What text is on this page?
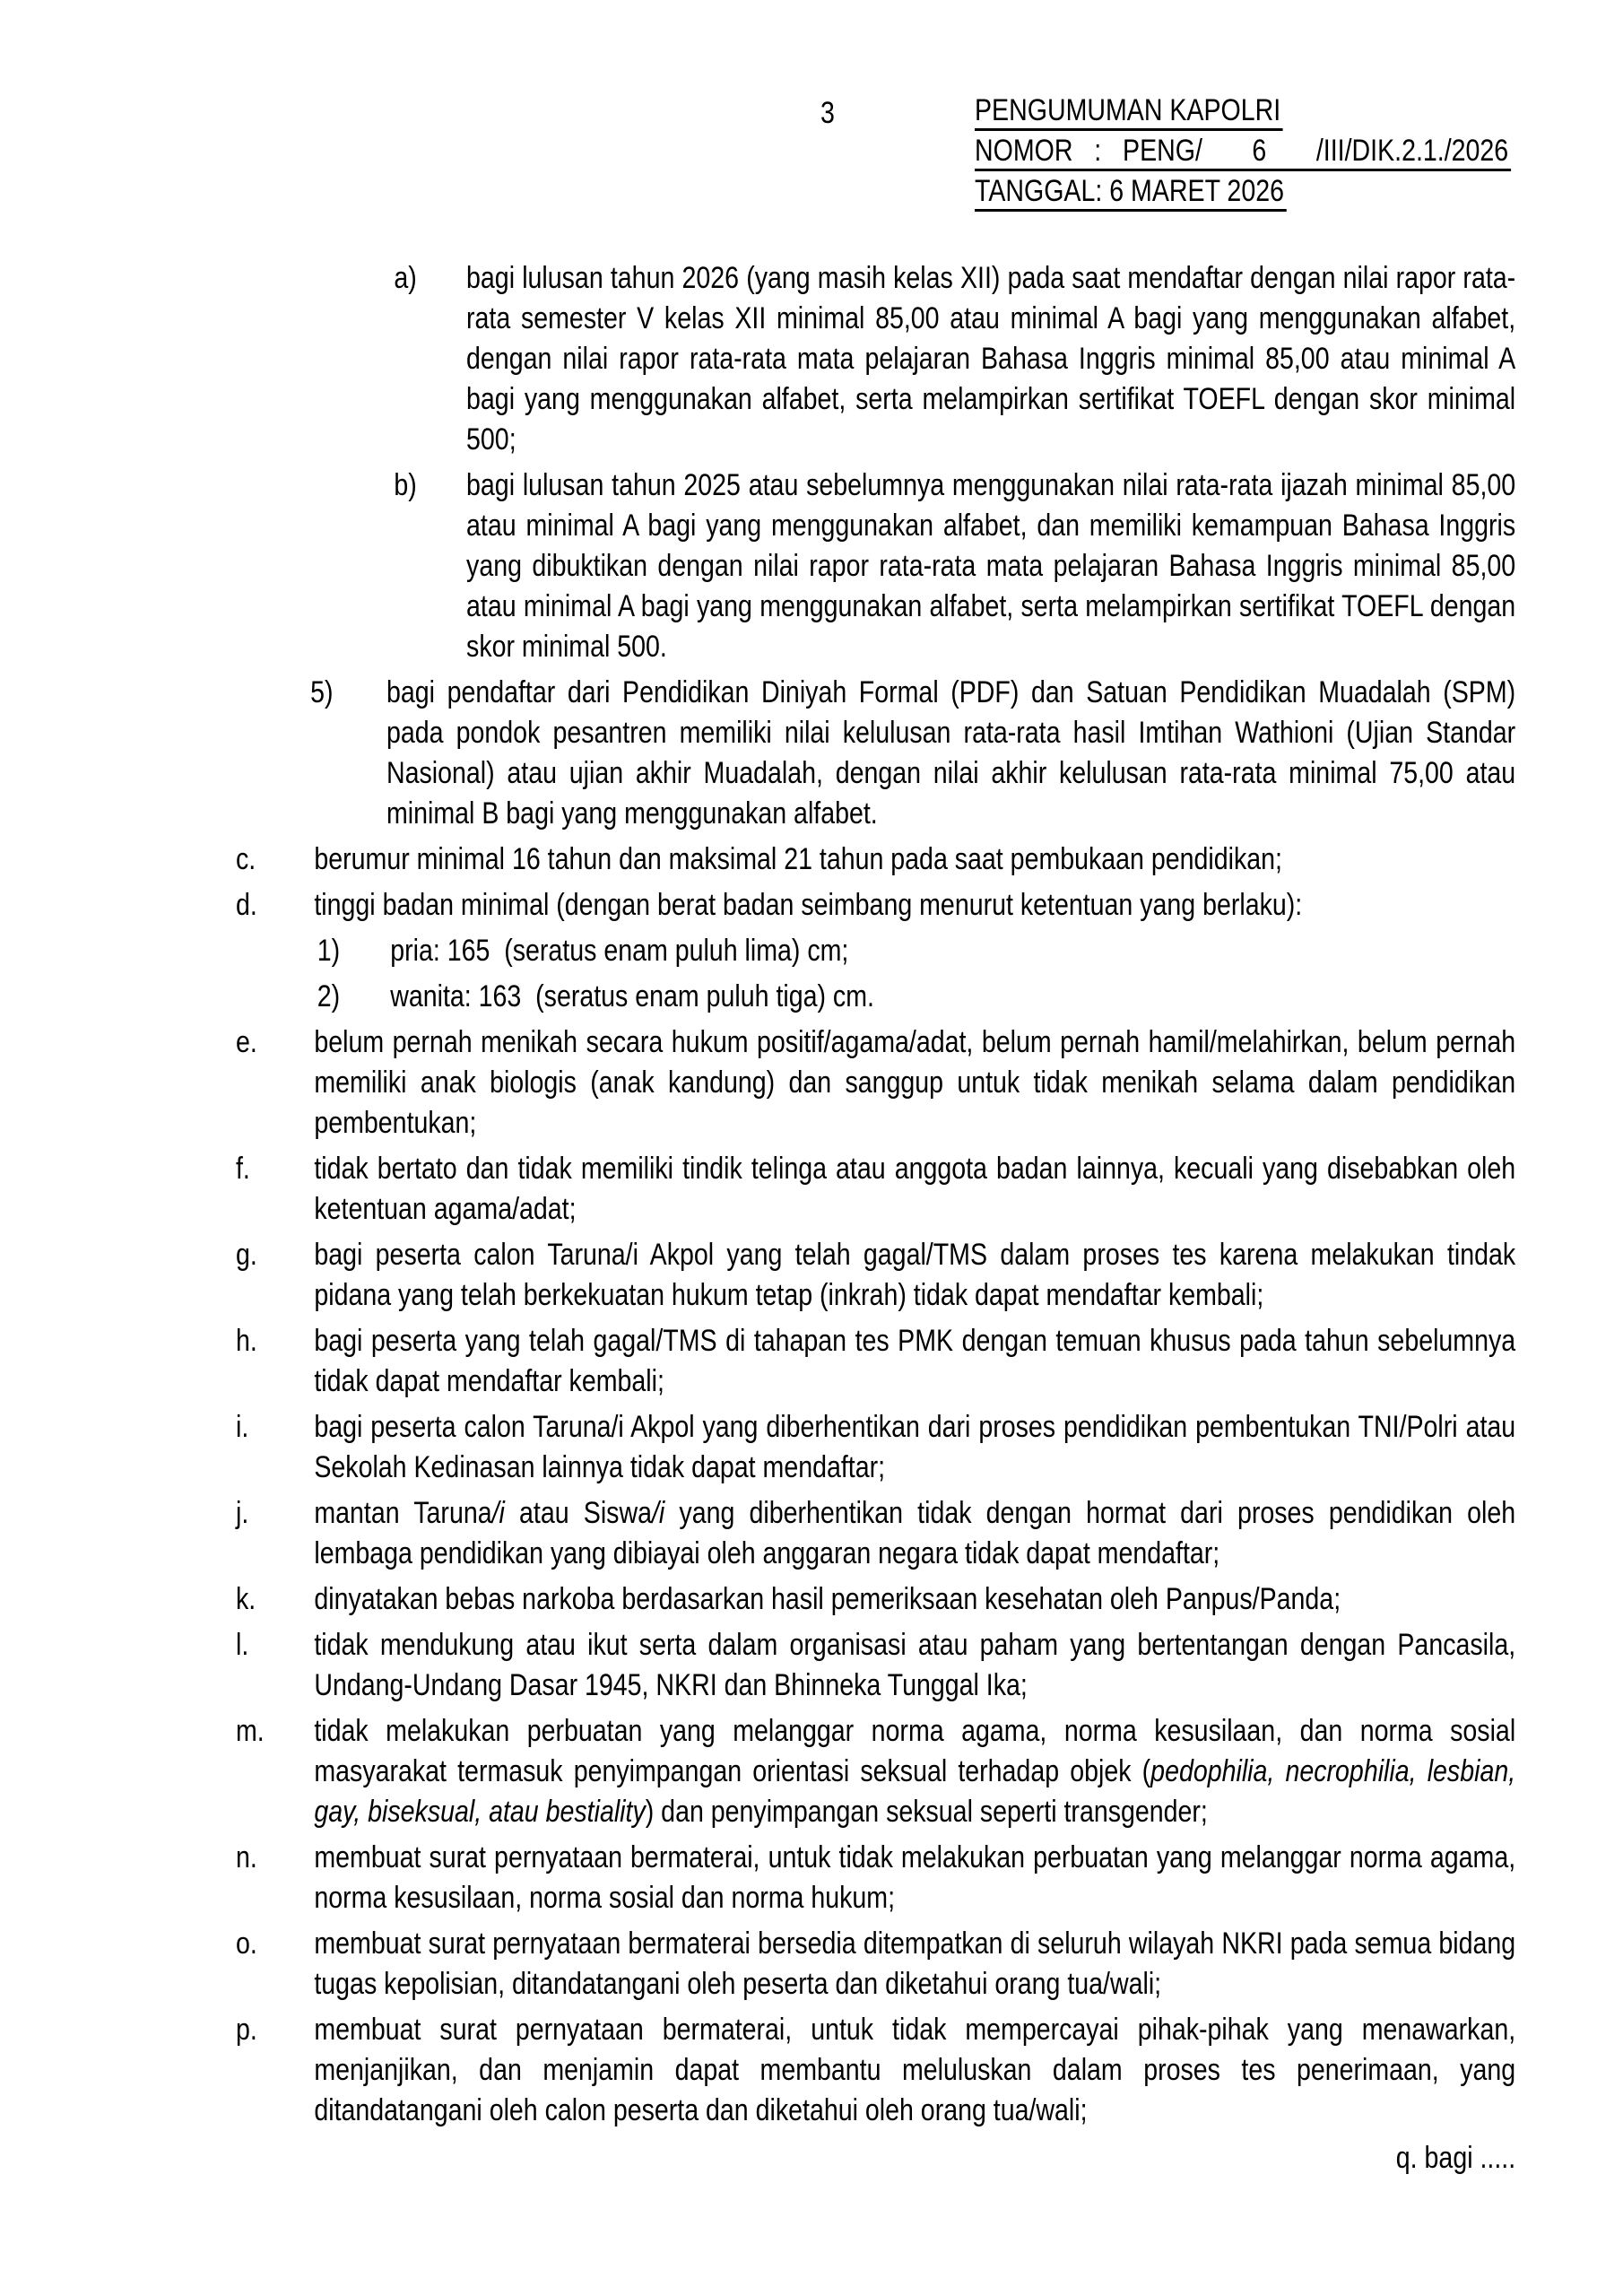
3	PENGUMUMAN KAPOLRI
NOMOR   :   PENG/       6       /III/DIK.2.1./2026
TANGGAL: 6 MARET 2026
a) bagi lulusan tahun 2026 (yang masih kelas XII) pada saat mendaftar dengan nilai rapor rata-rata semester V kelas XII minimal 85,00 atau minimal A bagi yang menggunakan alfabet, dengan nilai rapor rata-rata mata pelajaran Bahasa Inggris minimal 85,00 atau minimal A bagi yang menggunakan alfabet, serta melampirkan sertifikat TOEFL dengan skor minimal 500;
b) bagi lulusan tahun 2025 atau sebelumnya menggunakan nilai rata-rata ijazah minimal 85,00 atau minimal A bagi yang menggunakan alfabet, dan memiliki kemampuan Bahasa Inggris yang dibuktikan dengan nilai rapor rata-rata mata pelajaran Bahasa Inggris minimal 85,00 atau minimal A bagi yang menggunakan alfabet, serta melampirkan sertifikat TOEFL dengan skor minimal 500.
5) bagi pendaftar dari Pendidikan Diniyah Formal (PDF) dan Satuan Pendidikan Muadalah (SPM) pada pondok pesantren memiliki nilai kelulusan rata-rata hasil Imtihan Wathioni (Ujian Standar Nasional) atau ujian akhir Muadalah, dengan nilai akhir kelulusan rata-rata minimal 75,00 atau minimal B bagi yang menggunakan alfabet.
c. berumur minimal 16 tahun dan maksimal 21 tahun pada saat pembukaan pendidikan;
d. tinggi badan minimal (dengan berat badan seimbang menurut ketentuan yang berlaku):
1) pria: 165  (seratus enam puluh lima) cm;
2) wanita: 163  (seratus enam puluh tiga) cm.
e. belum pernah menikah secara hukum positif/agama/adat, belum pernah hamil/melahirkan, belum pernah memiliki anak biologis (anak kandung) dan sanggup untuk tidak menikah selama dalam pendidikan pembentukan;
f. tidak bertato dan tidak memiliki tindik telinga atau anggota badan lainnya, kecuali yang disebabkan oleh ketentuan agama/adat;
g. bagi peserta calon Taruna/i Akpol yang telah gagal/TMS dalam proses tes karena melakukan tindak pidana yang telah berkekuatan hukum tetap (inkrah) tidak dapat mendaftar kembali;
h. bagi peserta yang telah gagal/TMS di tahapan tes PMK dengan temuan khusus pada tahun sebelumnya tidak dapat mendaftar kembali;
i. bagi peserta calon Taruna/i Akpol yang diberhentikan dari proses pendidikan pembentukan TNI/Polri atau Sekolah Kedinasan lainnya tidak dapat mendaftar;
j. mantan Taruna/i atau Siswa/i yang diberhentikan tidak dengan hormat dari proses pendidikan oleh lembaga pendidikan yang dibiayai oleh anggaran negara tidak dapat mendaftar;
k. dinyatakan bebas narkoba berdasarkan hasil pemeriksaan kesehatan oleh Panpus/Panda;
l. tidak mendukung atau ikut serta dalam organisasi atau paham yang bertentangan dengan Pancasila, Undang-Undang Dasar 1945, NKRI dan Bhinneka Tunggal Ika;
m. tidak melakukan perbuatan yang melanggar norma agama, norma kesusilaan, dan norma sosial masyarakat termasuk penyimpangan orientasi seksual terhadap objek (pedophilia, necrophilia, lesbian, gay, biseksual, atau bestiality) dan penyimpangan seksual seperti transgender;
n. membuat surat pernyataan bermaterai, untuk tidak melakukan perbuatan yang melanggar norma agama, norma kesusilaan, norma sosial dan norma hukum;
o. membuat surat pernyataan bermaterai bersedia ditempatkan di seluruh wilayah NKRI pada semua bidang tugas kepolisian, ditandatangani oleh peserta dan diketahui orang tua/wali;
p. membuat surat pernyataan bermaterai, untuk tidak mempercayai pihak-pihak yang menawarkan, menjanjikan, dan menjamin dapat membantu meluluskan dalam proses tes penerimaan, yang ditandatangani oleh calon peserta dan diketahui oleh orang tua/wali;
q. bagi .....
